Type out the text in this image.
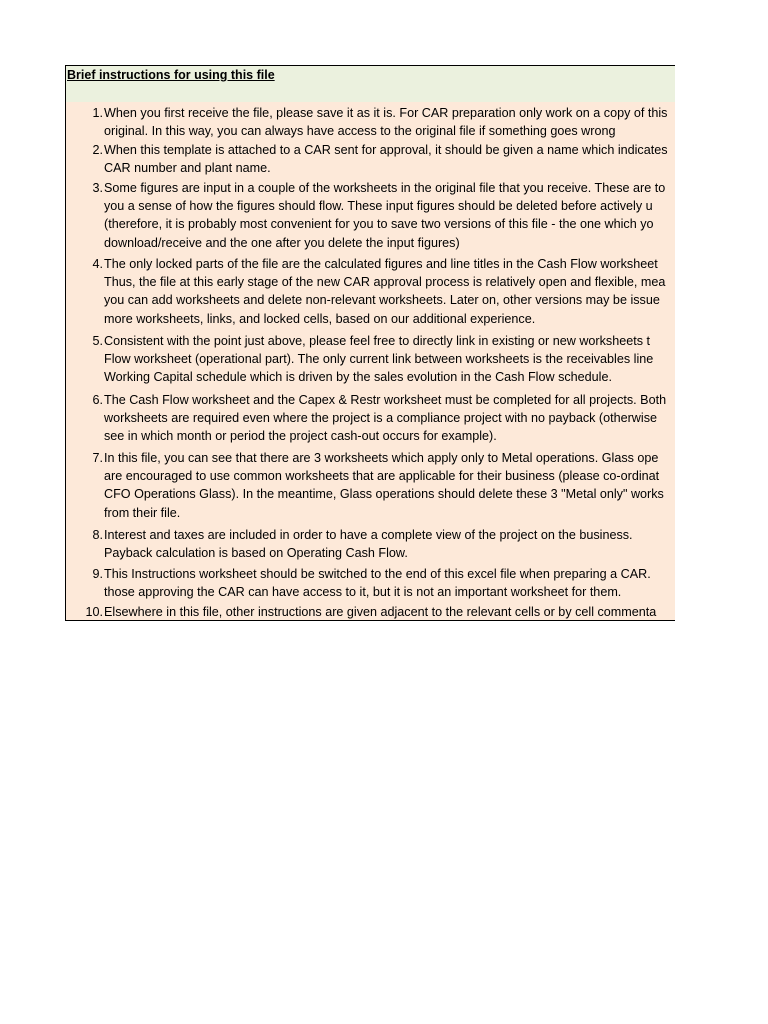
Brief instructions for using this file
1. When you first receive the file, please save it as it is. For CAR preparation only work on a copy of this
original. In this way, you can always have access to the original file if something goes wrong
2. When this template is attached to a CAR sent for approval, it should be given a name which indicates
CAR number and plant name.
3. Some figures are input in a couple of the worksheets in the original file that you receive. These are to
you a sense of how the figures should flow. These input figures should be deleted before actively u
(therefore, it is probably most convenient for you to save two versions of this file - the one which yo
download/receive and the one after you delete the input figures)
4. The only locked parts of the file are the calculated figures and line titles in the Cash Flow worksheet
Thus, the file at this early stage of the new CAR approval process is relatively open and flexible, mea
you can add worksheets and delete non-relevant worksheets. Later on, other versions may be issue
more worksheets, links, and locked cells, based on our additional experience.
5. Consistent with the point just above, please feel free to directly link in existing or new worksheets t
Flow worksheet (operational part). The only current link between worksheets is the receivables line
Working Capital schedule which is driven by the sales evolution in the Cash Flow schedule.
6. The Cash Flow worksheet and the Capex & Restr worksheet must be completed for all projects. Both
worksheets are required even where the project is a compliance project with no payback (otherwise
see in which month or period the project cash-out occurs for example).
7. In this file, you can see that there are 3 worksheets which apply only to Metal operations. Glass ope
are encouraged to use common worksheets that are applicable for their business (please co-ordinat
CFO Operations Glass). In the meantime, Glass operations should delete these 3 "Metal only" works
from their file.
8. Interest and taxes are included in order to have a complete view of the project on the business.
Payback calculation is based on Operating Cash Flow.
9. This Instructions worksheet should be switched to the end of this excel file when preparing a CAR.
those approving the CAR can have access to it, but it is not an important worksheet for them.
10. Elsewhere in this file, other instructions are given adjacent to the relevant cells or by cell commenta
